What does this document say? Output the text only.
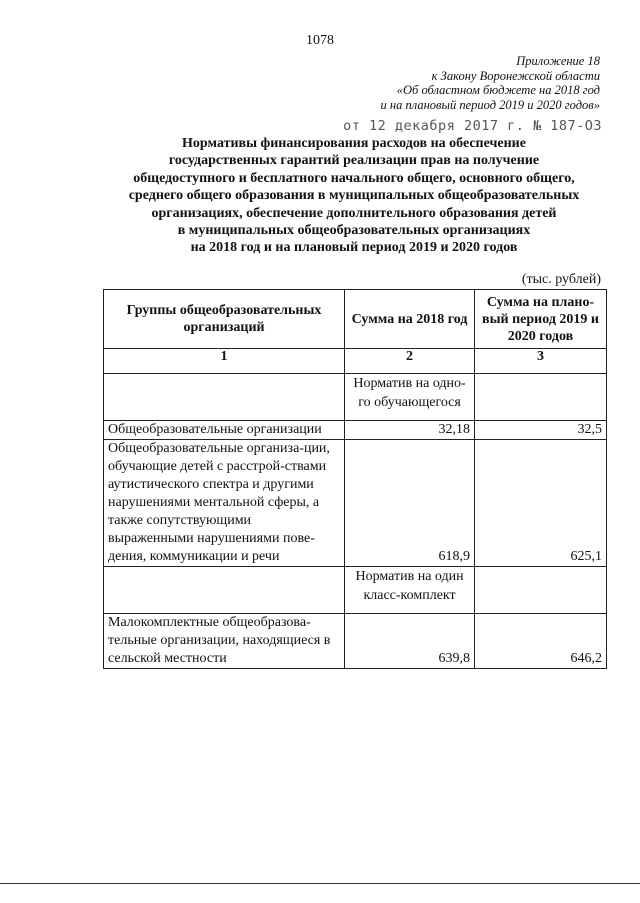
1078
Приложение 18
к Закону Воронежской области
«Об областном бюджете на 2018 год
и на плановый период 2019 и 2020 годов»
от 12 декабря 2017 г. № 187-ОЗ
Нормативы финансирования расходов на обеспечение
государственных гарантий реализации прав на получение
общедоступного и бесплатного начального общего, основного общего,
среднего общего образования в муниципальных общеобразовательных
организациях, обеспечение дополнительного образования детей
в муниципальных общеобразовательных организациях
на 2018 год и на плановый период 2019 и 2020 годов
(тыс. рублей)
Группы общеобразовательных организаций	Сумма на 2018 год	Сумма на плано-вый период 2019 и 2020 годов
1	2	3
	Норматив на одно-го обучающегося	
Общеобразовательные организации	32,18	32,5
Общеобразовательные организа-ции, обучающие детей с расстрой-ствами аутистического спектра и другими нарушениями ментальной сферы, а также сопутствующими выраженными нарушениями пове-дения, коммуникации и речи	618,9	625,1
	Норматив на один класс-комплект	
Малокомплектные общеобразова-тельные организации, находящиеся в сельской местности	639,8	646,2
